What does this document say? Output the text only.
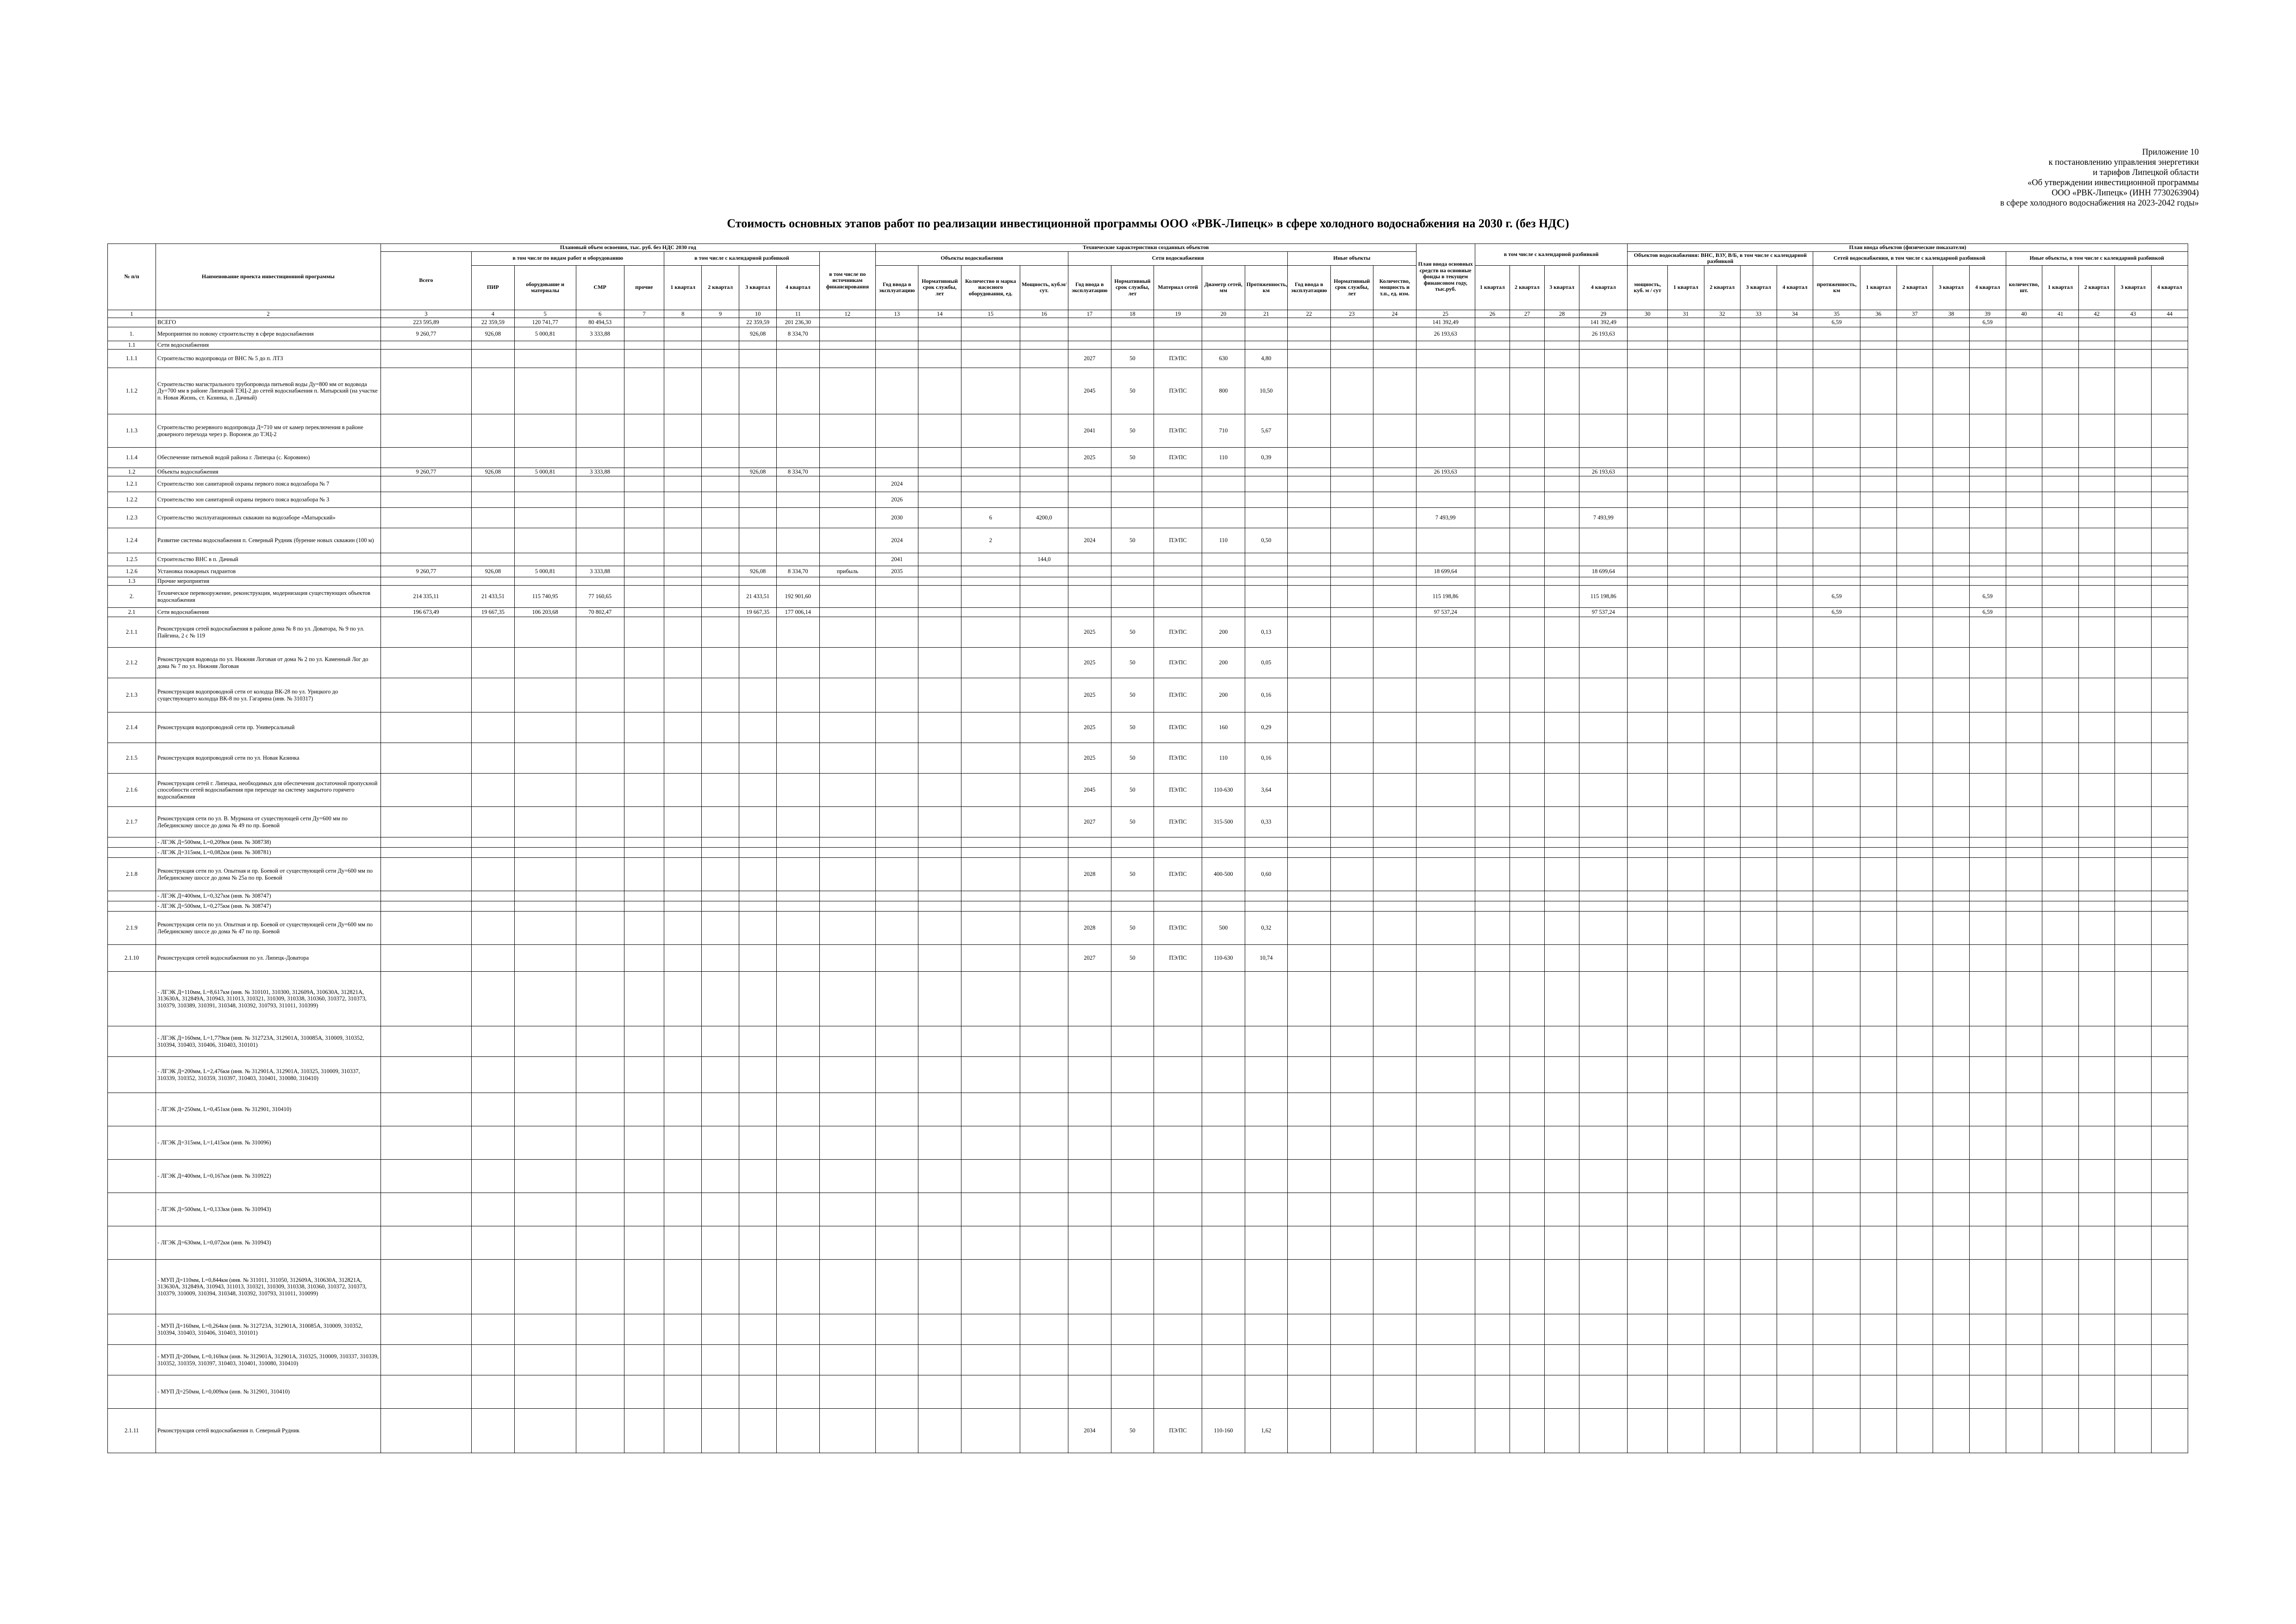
Приложение 10
к постановлению управления энергетики
и тарифов Липецкой области
«Об утверждении инвестиционной программы
ООО «РВК-Липецк» (ИНН 7730263904)
в сфере холодного водоснабжения на 2023-2042 годы»
Стоимость основных этапов работ по реализации инвестиционной программы ООО «РВК-Липецк» в сфере холодного водоснабжения на 2030 г. (без НДС)
№ п/п	Наименование проекта инвестиционной программы	Плановый объем освоения, тыс. руб. без НДС 2030 год										Технические характеристики созданных объектов												План ввода основных средств на основные фонды в текущем финансовом году, тыс.руб.	в том числе с календарной разбивкой				План ввода объектов (физические показатели)														
		Всего	в том числе по видам работ и оборудованию				в том числе с календарной разбивкой				в том числе по источникам финансирования	Объекты водоснабжения				Сети водоснабжения					Иные объекты								Объектов водоснабжения: ВНС, ВЗУ, В/Б, в том числе с календарной разбивкой					Сетей водоснабжения, в том числе с календарной разбивкой					Иные объекты, в том числе с календарной разбивкой				
			ПИР	оборудование и материалы	СМР	прочие	1 квартал	2 квартал	3 квартал	4 квартал		Год ввода в эксплуатацию	Нормативный срок службы, лет	Количество и марка насосного оборудования, ед.	Мощность, куб.м/сут.	Год ввода в эксплуатацию	Нормативный срок службы, лет	Материал сетей	Диаметр сетей, мм	Протяженность, км	Год ввода в эксплуатацию	Нормативный срок службы, лет	Количество, мощность и т.п., ед. изм.		1 квартал	2 квартал	3 квартал	4 квартал	мощность, куб. м / сут	1 квартал	2 квартал	3 квартал	4 квартал	протяженность, км	1 квартал	2 квартал	3 квартал	4 квартал	количество, шт.	1 квартал	2 квартал	3 квартал	4 квартал
1	2	3	4	5	6	7	8	9	10	11	12	13	14	15	16	17	18	19	20	21	22	23	24	25	26	27	28	29	30	31	32	33	34	35	36	37	38	39	40	41	42	43	44
	ВСЕГО	223 595,89	22 359,59	120 741,77	80 494,53				22 359,59	201 236,30														141 392,49				141 392,49						6,59				6,59					
1.	Мероприятия по новому строительству в сфере водоснабжения	9 260,77	926,08	5 000,81	3 333,88				926,08	8 334,70														26 193,63				26 193,63															
1.1	Сети водоснабжения																																										
1.1.1	Строительство водопровода от ВНС № 5 до п. ЛТЗ															2027	50	ПЭ/ПС	630	4,80																							
1.1.2	Строительство магистрального трубопровода питьевой воды Ду=800 мм от водовода Ду=700 мм в районе Липецкой ТЭЦ-2 до сетей водоснабжения п. Матырский (на участке п. Новая Жизнь, ст. Казинка, п. Дачный)															2045	50	ПЭ/ПС	800	10,50																							
1.1.3	Строительство резервного водопровода Д=710 мм от камер переключения в районе дюкерного перехода через р. Воронеж до ТЭЦ-2															2041	50	ПЭ/ПС	710	5,67																							
1.1.4	Обеспечение питьевой водой района г. Липецка (с. Коровино)															2025	50	ПЭ/ПС	110	0,39																							
1.2	Объекты водоснабжения	9 260,77	926,08	5 000,81	3 333,88				926,08	8 334,70														26 193,63				26 193,63															
1.2.1	Строительство зон санитарной охраны первого пояса водозабора № 7											2024																															
1.2.2	Строительство зон санитарной охраны первого пояса водозабора № 3											2026																															
1.2.3	Строительство эксплуатационных скважин на водозаборе «Матырский»											2030		6	4200,0									7 493,99				7 493,99															
1.2.4	Развитие системы водоснабжения п. Северный Рудник (бурение новых скважин (100 м)											2024		2		2024	50	ПЭ/ПС	110	0,50																							
1.2.5	Строительство ВНС в п. Дачный											2041			144,0																												
1.2.6	Установка пожарных гидрантов	9 260,77	926,08	5 000,81	3 333,88				926,08	8 334,70	прибыль	2035												18 699,64				18 699,64															
1.3	Прочие мероприятия																																										
2.	Техническое перевооружение, реконструкция, модернизация существующих объектов водоснабжения	214 335,11	21 433,51	115 740,95	77 160,65				21 433,51	192 901,60														115 198,86				115 198,86						6,59				6,59					
2.1	Сети водоснабжения	196 673,49	19 667,35	106 203,68	70 802,47				19 667,35	177 006,14														97 537,24				97 537,24						6,59				6,59					
2.1.1	Реконструкция сетей водоснабжения в районе дома № 8 по ул. Доватора, № 9 по ул. Пайгина, 2 с № 119															2025	50	ПЭ/ПС	200	0,13																							
2.1.2	Реконструкция водовода по ул. Нижняя Логовая от дома № 2 по ул. Каменный Лог до дома № 7 по ул. Нижняя Логовая															2025	50	ПЭ/ПС	200	0,05																							
2.1.3	Реконструкция водопроводной сети от колодца ВК-28 по ул. Урицкого до существующего колодца ВК-8 по ул. Гагарина (инв. № 310317)															2025	50	ПЭ/ПС	200	0,16																							
2.1.4	Реконструкция водопроводной сети пр. Универсальный															2025	50	ПЭ/ПС	160	0,29																							
2.1.5	Реконструкция водопроводной сети по ул. Новая Казинка															2025	50	ПЭ/ПС	110	0,16																							
2.1.6	Реконструкция сетей г. Липецка, необходимых для обеспечения достаточной пропускной способности сетей водоснабжения при переходе на систему закрытого горячего водоснабжения															2045	50	ПЭ/ПС	110-630	3,64																							
2.1.7	Реконструкция сети по ул. В. Мурмана от существующей сети Ду=600 мм по Лебединскому шоссе до дома № 49 по пр. Боевой															2027	50	ПЭ/ПС	315-500	0,33																							
	- ЛГЭК Д=500мм, L=0,209км (инв. № 308738)																																										
	- ЛГЭК Д=315мм, L=0,082км (инв. № 308781)																																										
2.1.8	Реконструкция сети по ул. Опытная и пр. Боевой от существующей сети Ду=600 мм по Лебединскому шоссе до дома № 25а по пр. Боевой															2028	50	ПЭ/ПС	400-500	0,60																							
	- ЛГЭК Д=400мм, L=0,327км (инв. № 308747)																																										
	- ЛГЭК Д=500мм, L=0,275км (инв. № 308747)																																										
2.1.9	Реконструкция сети по ул. Опытная и пр. Боевой от существующей сети Ду=600 мм по Лебединскому шоссе до дома № 47 по пр. Боевой															2028	50	ПЭ/ПС	500	0,32																							
2.1.10	Реконструкция сетей водоснабжения по ул. Липецк-Доватора															2027	50	ПЭ/ПС	110-630	10,74																							
	- ЛГЭК Д=110мм, L=8,617км (инв. № 310101, 310300, 312609А, 310630А, 312821А, 313630А, 312849А, 310943, 311013, 310321, 310309, 310338, 310360, 310372, 310373, 310379, 310389, 310391, 310348, 310392, 310793, 311011, 310399)																																										
	- ЛГЭК Д=160мм, L=1,779км (инв. № 312723А, 312901А, 310085А, 310009, 310352, 310394, 310403, 310406, 310403, 310101)																																										
	- ЛГЭК Д=200мм, L=2,476км (инв. № 312901А, 312901А, 310325, 310009, 310337, 310339, 310352, 310359, 310397, 310403, 310401, 310080, 310410)																																										
	- ЛГЭК Д=250мм, L=0,451км (инв. № 312901, 310410)																																										
	- ЛГЭК Д=315мм, L=1,415км (инв. № 310096)																																										
	- ЛГЭК Д=400мм, L=0,167км (инв. № 310922)																																										
	- ЛГЭК Д=500мм, L=0,133км (инв. № 310943)																																										
	- ЛГЭК Д=630мм, L=0,072км (инв. № 310943)																																										
	- МУП Д=110мм, L=0,844км (инв. № 311011, 311050, 312609А, 310630А, 312821А, 313630А, 312849А, 310943, 311013, 310321, 310309, 310338, 310360, 310372, 310373, 310379, 310009, 310394, 310348, 310392, 310793, 311011, 310099)																																										
	- МУП Д=160мм, L=0,264км (инв. № 312723А, 312901А, 310085А, 310009, 310352, 310394, 310403, 310406, 310403, 310101)																																										
	- МУП Д=200мм, L=0,169км (инв. № 312901А, 312901А, 310325, 310009, 310337, 310339, 310352, 310359, 310397, 310403, 310401, 310080, 310410)																																										
	- МУП Д=250мм, L=0,009км (инв. № 312901, 310410)																																										
2.1.11	Реконструкция сетей водоснабжения п. Северный Рудник															2034	50	ПЭ/ПС	110-160	1,62																							
